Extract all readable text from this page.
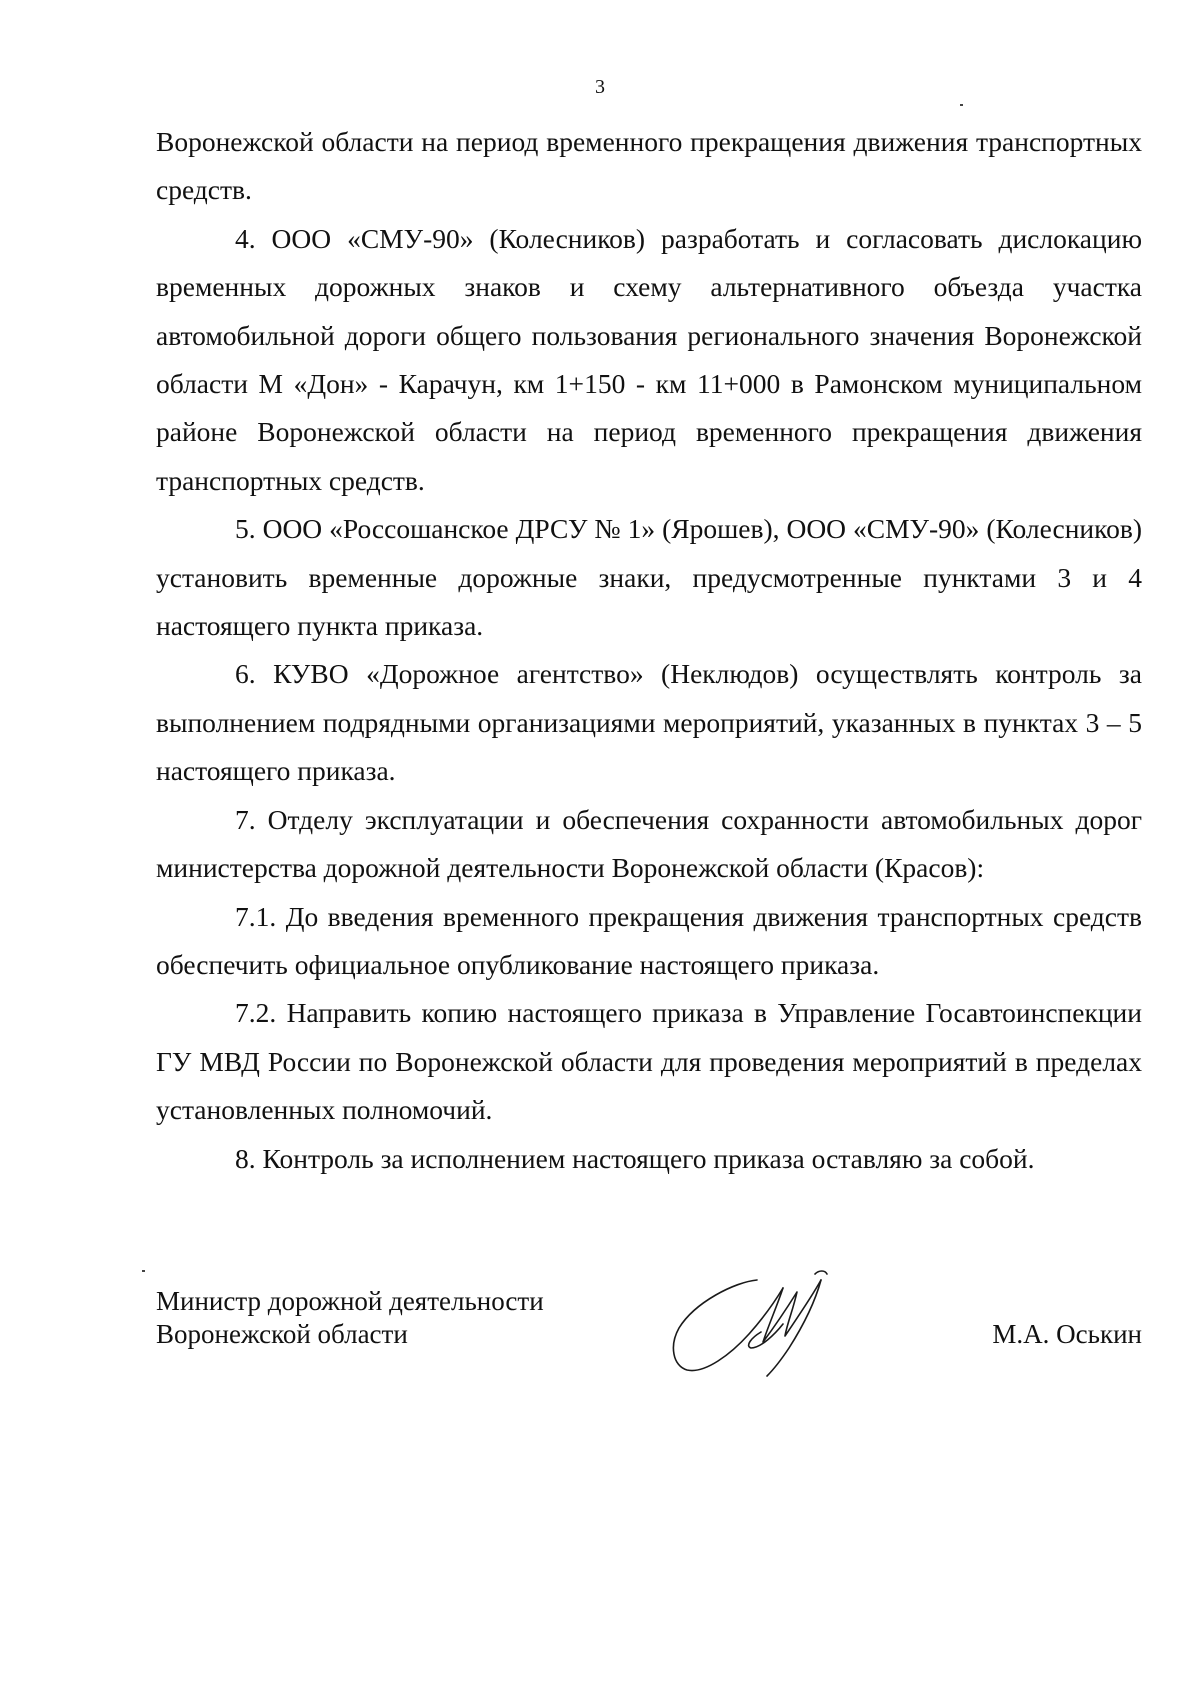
3

Воронежской области на период временного прекращения движения транспортных средств.

4. ООО «СМУ-90» (Колесников) разработать и согласовать дислокацию временных дорожных знаков и схему альтернативного объезда участка автомобильной дороги общего пользования регионального значения Воронежской области М «Дон» - Карачун, км 1+150 - км 11+000 в Рамонском муниципальном районе Воронежской области на период временного прекращения движения транспортных средств.

5. ООО «Россошанское ДРСУ № 1» (Ярошев), ООО «СМУ-90» (Колесников) установить временные дорожные знаки, предусмотренные пунктами 3 и 4 настоящего пункта приказа.

6. КУВО «Дорожное агентство» (Неклюдов) осуществлять контроль за выполнением подрядными организациями мероприятий, указанных в пунктах 3 – 5 настоящего приказа.

7. Отделу эксплуатации и обеспечения сохранности автомобильных дорог министерства дорожной деятельности Воронежской области (Красов):

7.1. До введения временного прекращения движения транспортных средств обеспечить официальное опубликование настоящего приказа.

7.2. Направить копию настоящего приказа в Управление Госавтоинспекции ГУ МВД России по Воронежской области для проведения мероприятий в пределах установленных полномочий.

8. Контроль за исполнением настоящего приказа оставляю за собой.

Министр дорожной деятельности
Воронежской области	М.А. Оськин
